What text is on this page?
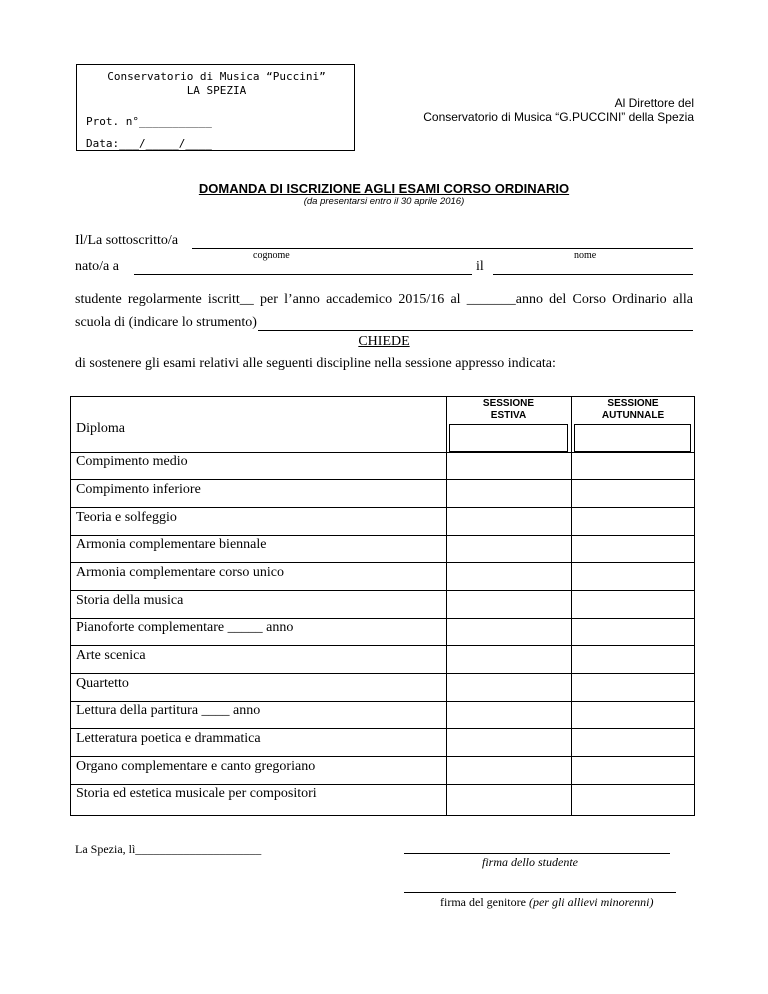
Conservatorio di Musica “Puccini”
LA SPEZIA
Prot. n°___________
Data:___/_____/____
Al Direttore del
Conservatorio di Musica “G.PUCCINI” della Spezia
DOMANDA DI ISCRIZIONE AGLI ESAMI CORSO ORDINARIO
(da presentarsi entro il 30 aprile 2016)
Il/La sottoscritto/a
cognome	nome
nato/a a	il
studente regolarmente iscritt__ per l’anno accademico 2015/16 al _______anno del Corso Ordinario alla
scuola di (indicare lo strumento)
CHIEDE
di sostenere gli esami relativi alle seguenti discipline nella sessione appresso indicata:
SESSIONE
ESTIVA
SESSIONE
AUTUNNALE
Diploma
Compimento medio
Compimento inferiore
Teoria e solfeggio
Armonia complementare biennale
Armonia complementare corso unico
Storia della musica
Pianoforte complementare _____ anno
Arte scenica
Quartetto
Lettura della partitura ____ anno
Letteratura poetica e drammatica
Organo complementare e canto gregoriano
Storia ed estetica musicale per compositori
La Spezia, lì_____________________
firma dello studente
firma del genitore (per gli allievi minorenni)
